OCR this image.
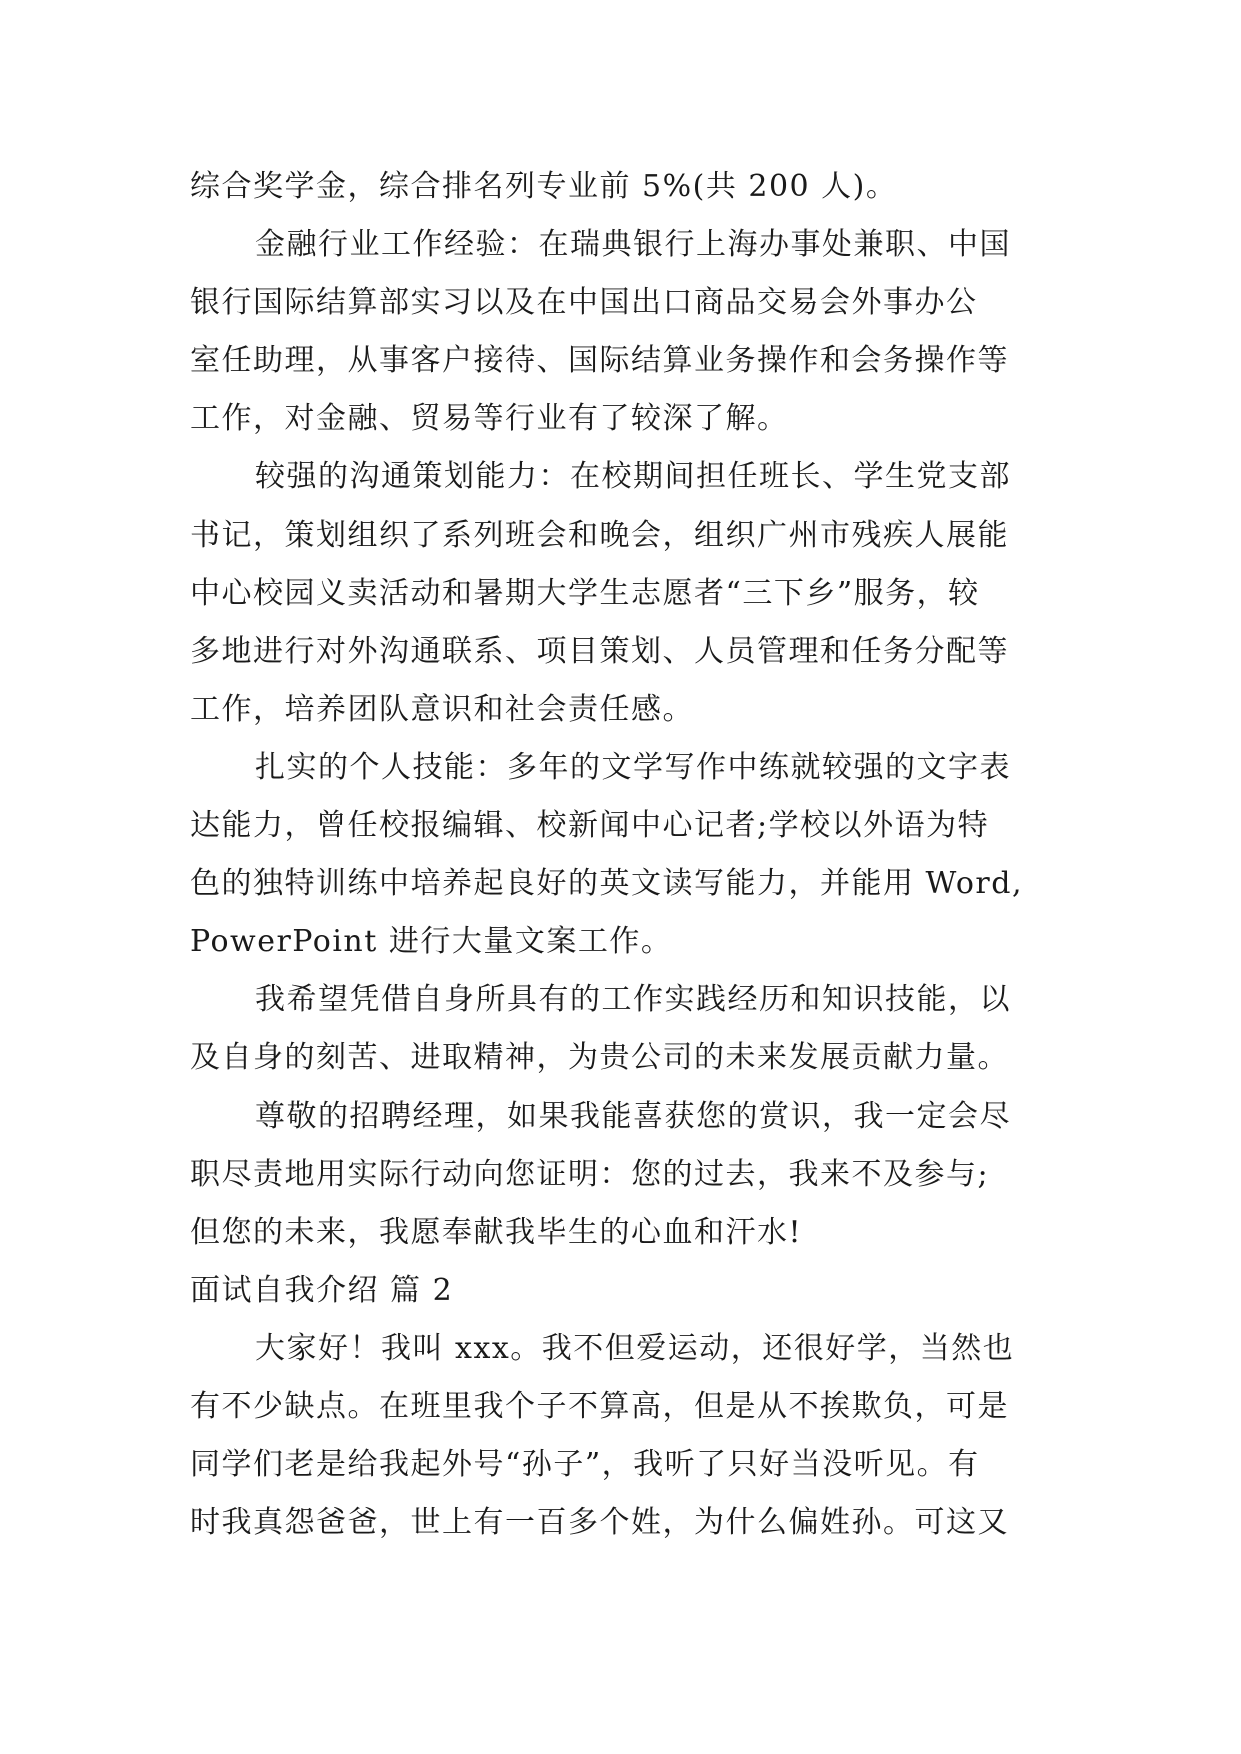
综合奖学金，综合排名列专业前 5%(共 200 人)。
金融行业工作经验：在瑞典银行上海办事处兼职、中国
银行国际结算部实习以及在中国出口商品交易会外事办公
室任助理，从事客户接待、国际结算业务操作和会务操作等
工作，对金融、贸易等行业有了较深了解。
较强的沟通策划能力：在校期间担任班长、学生党支部
书记，策划组织了系列班会和晚会，组织广州市残疾人展能
中心校园义卖活动和暑期大学生志愿者“三下乡”服务，较
多地进行对外沟通联系、项目策划、人员管理和任务分配等
工作，培养团队意识和社会责任感。
扎实的个人技能：多年的文学写作中练就较强的文字表
达能力，曾任校报编辑、校新闻中心记者;学校以外语为特
色的独特训练中培养起良好的英文读写能力，并能用 Word,
PowerPoint 进行大量文案工作。
我希望凭借自身所具有的工作实践经历和知识技能，以
及自身的刻苦、进取精神，为贵公司的未来发展贡献力量。
尊敬的招聘经理，如果我能喜获您的赏识，我一定会尽
职尽责地用实际行动向您证明：您的过去，我来不及参与;
但您的未来，我愿奉献我毕生的心血和汗水!
面试自我介绍 篇 2
大家好！我叫 xxx。我不但爱运动，还很好学，当然也
有不少缺点。在班里我个子不算高，但是从不挨欺负，可是
同学们老是给我起外号“孙子”，我听了只好当没听见。有
时我真怨爸爸，世上有一百多个姓，为什么偏姓孙。可这又
